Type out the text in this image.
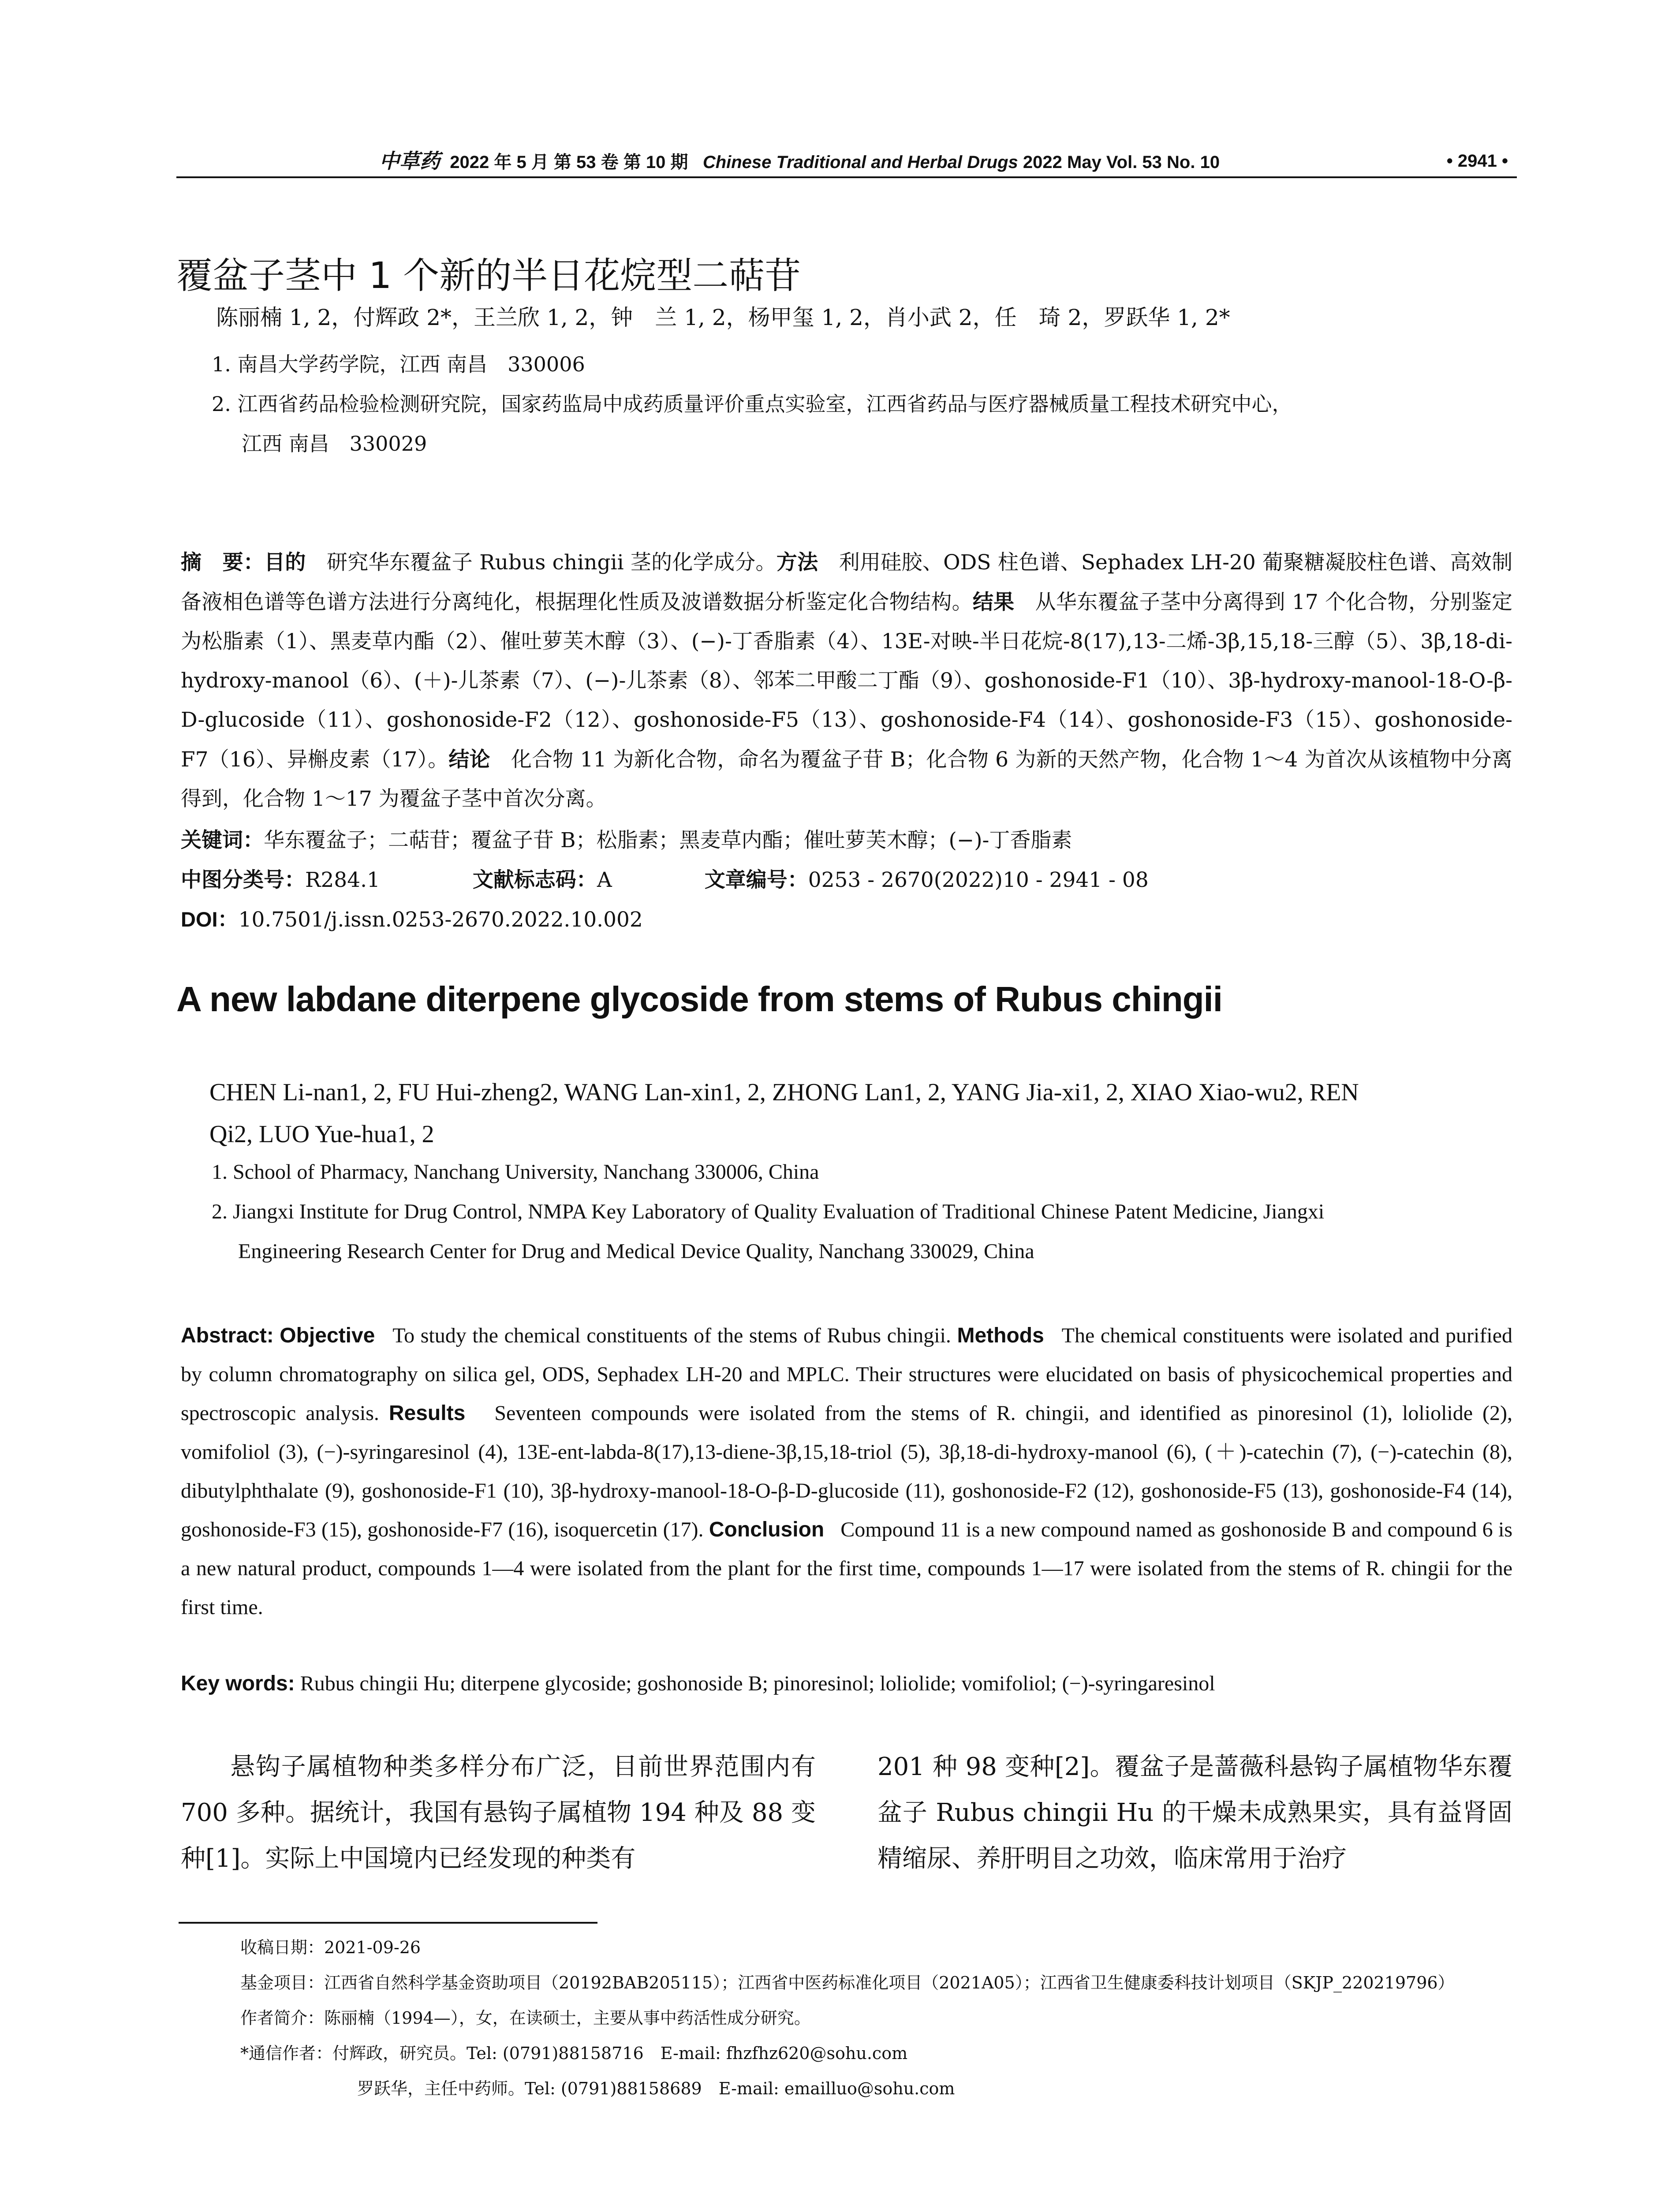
中草药 2022 年 5 月 第 53 卷 第 10 期 Chinese Traditional and Herbal Drugs 2022 May Vol. 53 No. 10	• 2941 •
覆盆子茎中 1 个新的半日花烷型二萜苷
陈丽楠 1, 2，付辉政 2*，王兰欣 1, 2，钟　兰 1, 2，杨甲玺 1, 2，肖小武 2，任　琦 2，罗跃华 1, 2*
1. 南昌大学药学院，江西 南昌　330006
2. 江西省药品检验检测研究院，国家药监局中成药质量评价重点实验室，江西省药品与医疗器械质量工程技术研究中心，
江西 南昌　330029
摘　要：目的　 研究华东覆盆子 Rubus chingii 茎的化学成分。方法　 利用硅胶、ODS 柱色谱、Sephadex LH-20 葡聚糖凝胶柱色谱、高效制备液相色谱等色谱方法进行分离纯化，根据理化性质及波谱数据分析鉴定化合物结构。结果　 从华东覆盆子茎中分离得到 17 个化合物，分别鉴定为松脂素（1）、黑麦草内酯（2）、催吐萝芙木醇（3）、(−)-丁香脂素（4）、13E-对映-半日花烷-8(17),13-二烯-3β,15,18-三醇（5）、3β,18-di-hydroxy-manool（6）、(＋)-儿茶素（7）、(−)-儿茶素（8）、邻苯二甲酸二丁酯（9）、goshonoside-F1（10）、3β-hydroxy-manool-18-O-β-D-glucoside（11）、goshonoside-F2（12）、goshonoside-F5（13）、goshonoside-F4（14）、goshonoside-F3（15）、goshonoside-F7（16）、异槲皮素（17）。结论　 化合物 11 为新化合物，命名为覆盆子苷 B；化合物 6 为新的天然产物，化合物 1～4 为首次从该植物中分离得到，化合物 1～17 为覆盆子茎中首次分离。
关键词：华东覆盆子；二萜苷；覆盆子苷 B；松脂素；黑麦草内酯；催吐萝芙木醇；(−)-丁香脂素
中图分类号：R284.1	文献标志码：A	文章编号：0253 - 2670(2022)10 - 2941 - 08
DOI：10.7501/j.issn.0253-2670.2022.10.002
A new labdane diterpene glycoside from stems of Rubus chingii
CHEN Li-nan1, 2, FU Hui-zheng2, WANG Lan-xin1, 2, ZHONG Lan1, 2, YANG Jia-xi1, 2, XIAO Xiao-wu2, REN
Qi2, LUO Yue-hua1, 2
1. School of Pharmacy, Nanchang University, Nanchang 330006, China
2. Jiangxi Institute for Drug Control, NMPA Key Laboratory of Quality Evaluation of Traditional Chinese Patent Medicine, Jiangxi
Engineering Research Center for Drug and Medical Device Quality, Nanchang 330029, China
Abstract: Objective To study the chemical constituents of the stems of Rubus chingii. Methods The chemical constituents were isolated and purified by column chromatography on silica gel, ODS, Sephadex LH-20 and MPLC. Their structures were elucidated on basis of physicochemical properties and spectroscopic analysis. Results Seventeen compounds were isolated from the stems of R. chingii, and identified as pinoresinol (1), loliolide (2), vomifoliol (3), (−)-syringaresinol (4), 13E-ent-labda-8(17),13-diene-3β,15,18-triol (5), 3β,18-di-hydroxy-manool (6), (＋)-catechin (7), (−)-catechin (8), dibutylphthalate (9), goshonoside-F1 (10), 3β-hydroxy-manool-18-O-β-D-glucoside (11), goshonoside-F2 (12), goshonoside-F5 (13), goshonoside-F4 (14), goshonoside-F3 (15), goshonoside-F7 (16), isoquercetin (17). Conclusion Compound 11 is a new compound named as goshonoside B and compound 6 is a new natural product, compounds 1—4 were isolated from the plant for the first time, compounds 1—17 were isolated from the stems of R. chingii for the first time.
Key words: Rubus chingii Hu; diterpene glycoside; goshonoside B; pinoresinol; loliolide; vomifoliol; (−)-syringaresinol
悬钩子属植物种类多样分布广泛，目前世界范围内有 700 多种。据统计，我国有悬钩子属植物 194 种及 88 变种[1]。实际上中国境内已经发现的种类有
201 种 98 变种[2]。覆盆子是蔷薇科悬钩子属植物华东覆盆子 Rubus chingii Hu 的干燥未成熟果实，具有益肾固精缩尿、养肝明目之功效，临床常用于治疗
收稿日期：2021-09-26
基金项目：江西省自然科学基金资助项目（20192BAB205115）；江西省中医药标准化项目（2021A05）；江西省卫生健康委科技计划项目（SKJP_220219796）
作者简介：陈丽楠（1994—），女，在读硕士，主要从事中药活性成分研究。
*通信作者：付辉政，研究员。Tel: (0791)88158716　E-mail: fhzfhz620@sohu.com
罗跃华，主任中药师。Tel: (0791)88158689　E-mail: emailluo@sohu.com
